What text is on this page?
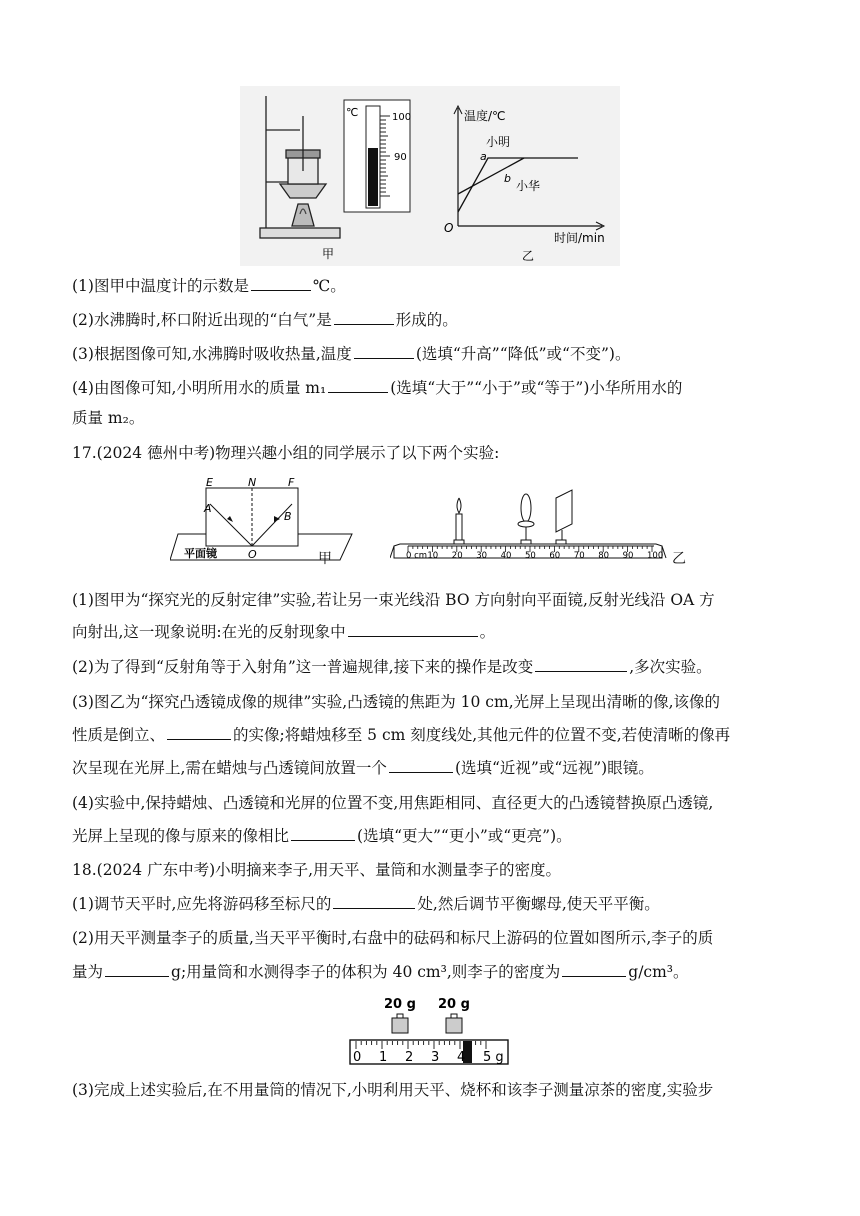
℃	100
90
甲
温度/℃
小明
a
b
小华
O
时间/min
乙
(1)图甲中温度计的示数是	℃。
(2)水沸腾时,杯口附近出现的“白气”是	形成的。
(3)根据图像可知,水沸腾时吸收热量,温度	(选填“升高”“降低”或“不变”)。
(4)由图像可知,小明所用水的质量 m₁	(选填“大于”“小于”或“等于”)小华所用水的
质量 m₂。
17.(2024 德州中考)物理兴趣小组的同学展示了以下两个实验:
E	N	F
A
B
O
平面镜	甲	0 cm 10 20 30 40 50 60 70 80 90 100 乙
(1)图甲为“探究光的反射定律”实验,若让另一束光线沿 BO 方向射向平面镜,反射光线沿 OA 方
向射出,这一现象说明:在光的反射现象中	。
(2)为了得到“反射角等于入射角”这一普遍规律,接下来的操作是改变	,多次实验。
(3)图乙为“探究凸透镜成像的规律”实验,凸透镜的焦距为 10 cm,光屏上呈现出清晰的像,该像的
性质是倒立、	的实像;将蜡烛移至 5 cm 刻度线处,其他元件的位置不变,若使清晰的像再
次呈现在光屏上,需在蜡烛与凸透镜间放置一个	(选填“近视”或“远视”)眼镜。
(4)实验中,保持蜡烛、凸透镜和光屏的位置不变,用焦距相同、直径更大的凸透镜替换原凸透镜,
光屏上呈现的像与原来的像相比	(选填“更大”“更小”或“更亮”)。
18.(2024 广东中考)小明摘来李子,用天平、量筒和水测量李子的密度。
(1)调节天平时,应先将游码移至标尺的	处,然后调节平衡螺母,使天平平衡。
(2)用天平测量李子的质量,当天平平衡时,右盘中的砝码和标尺上游码的位置如图所示,李子的质
量为	g;用量筒和水测得李子的体积为 40 cm³,则李子的密度为	g/cm³。
20 g 20 g
0 1 2 3 4 5 g
(3)完成上述实验后,在不用量筒的情况下,小明利用天平、烧杯和该李子测量凉茶的密度,实验步
